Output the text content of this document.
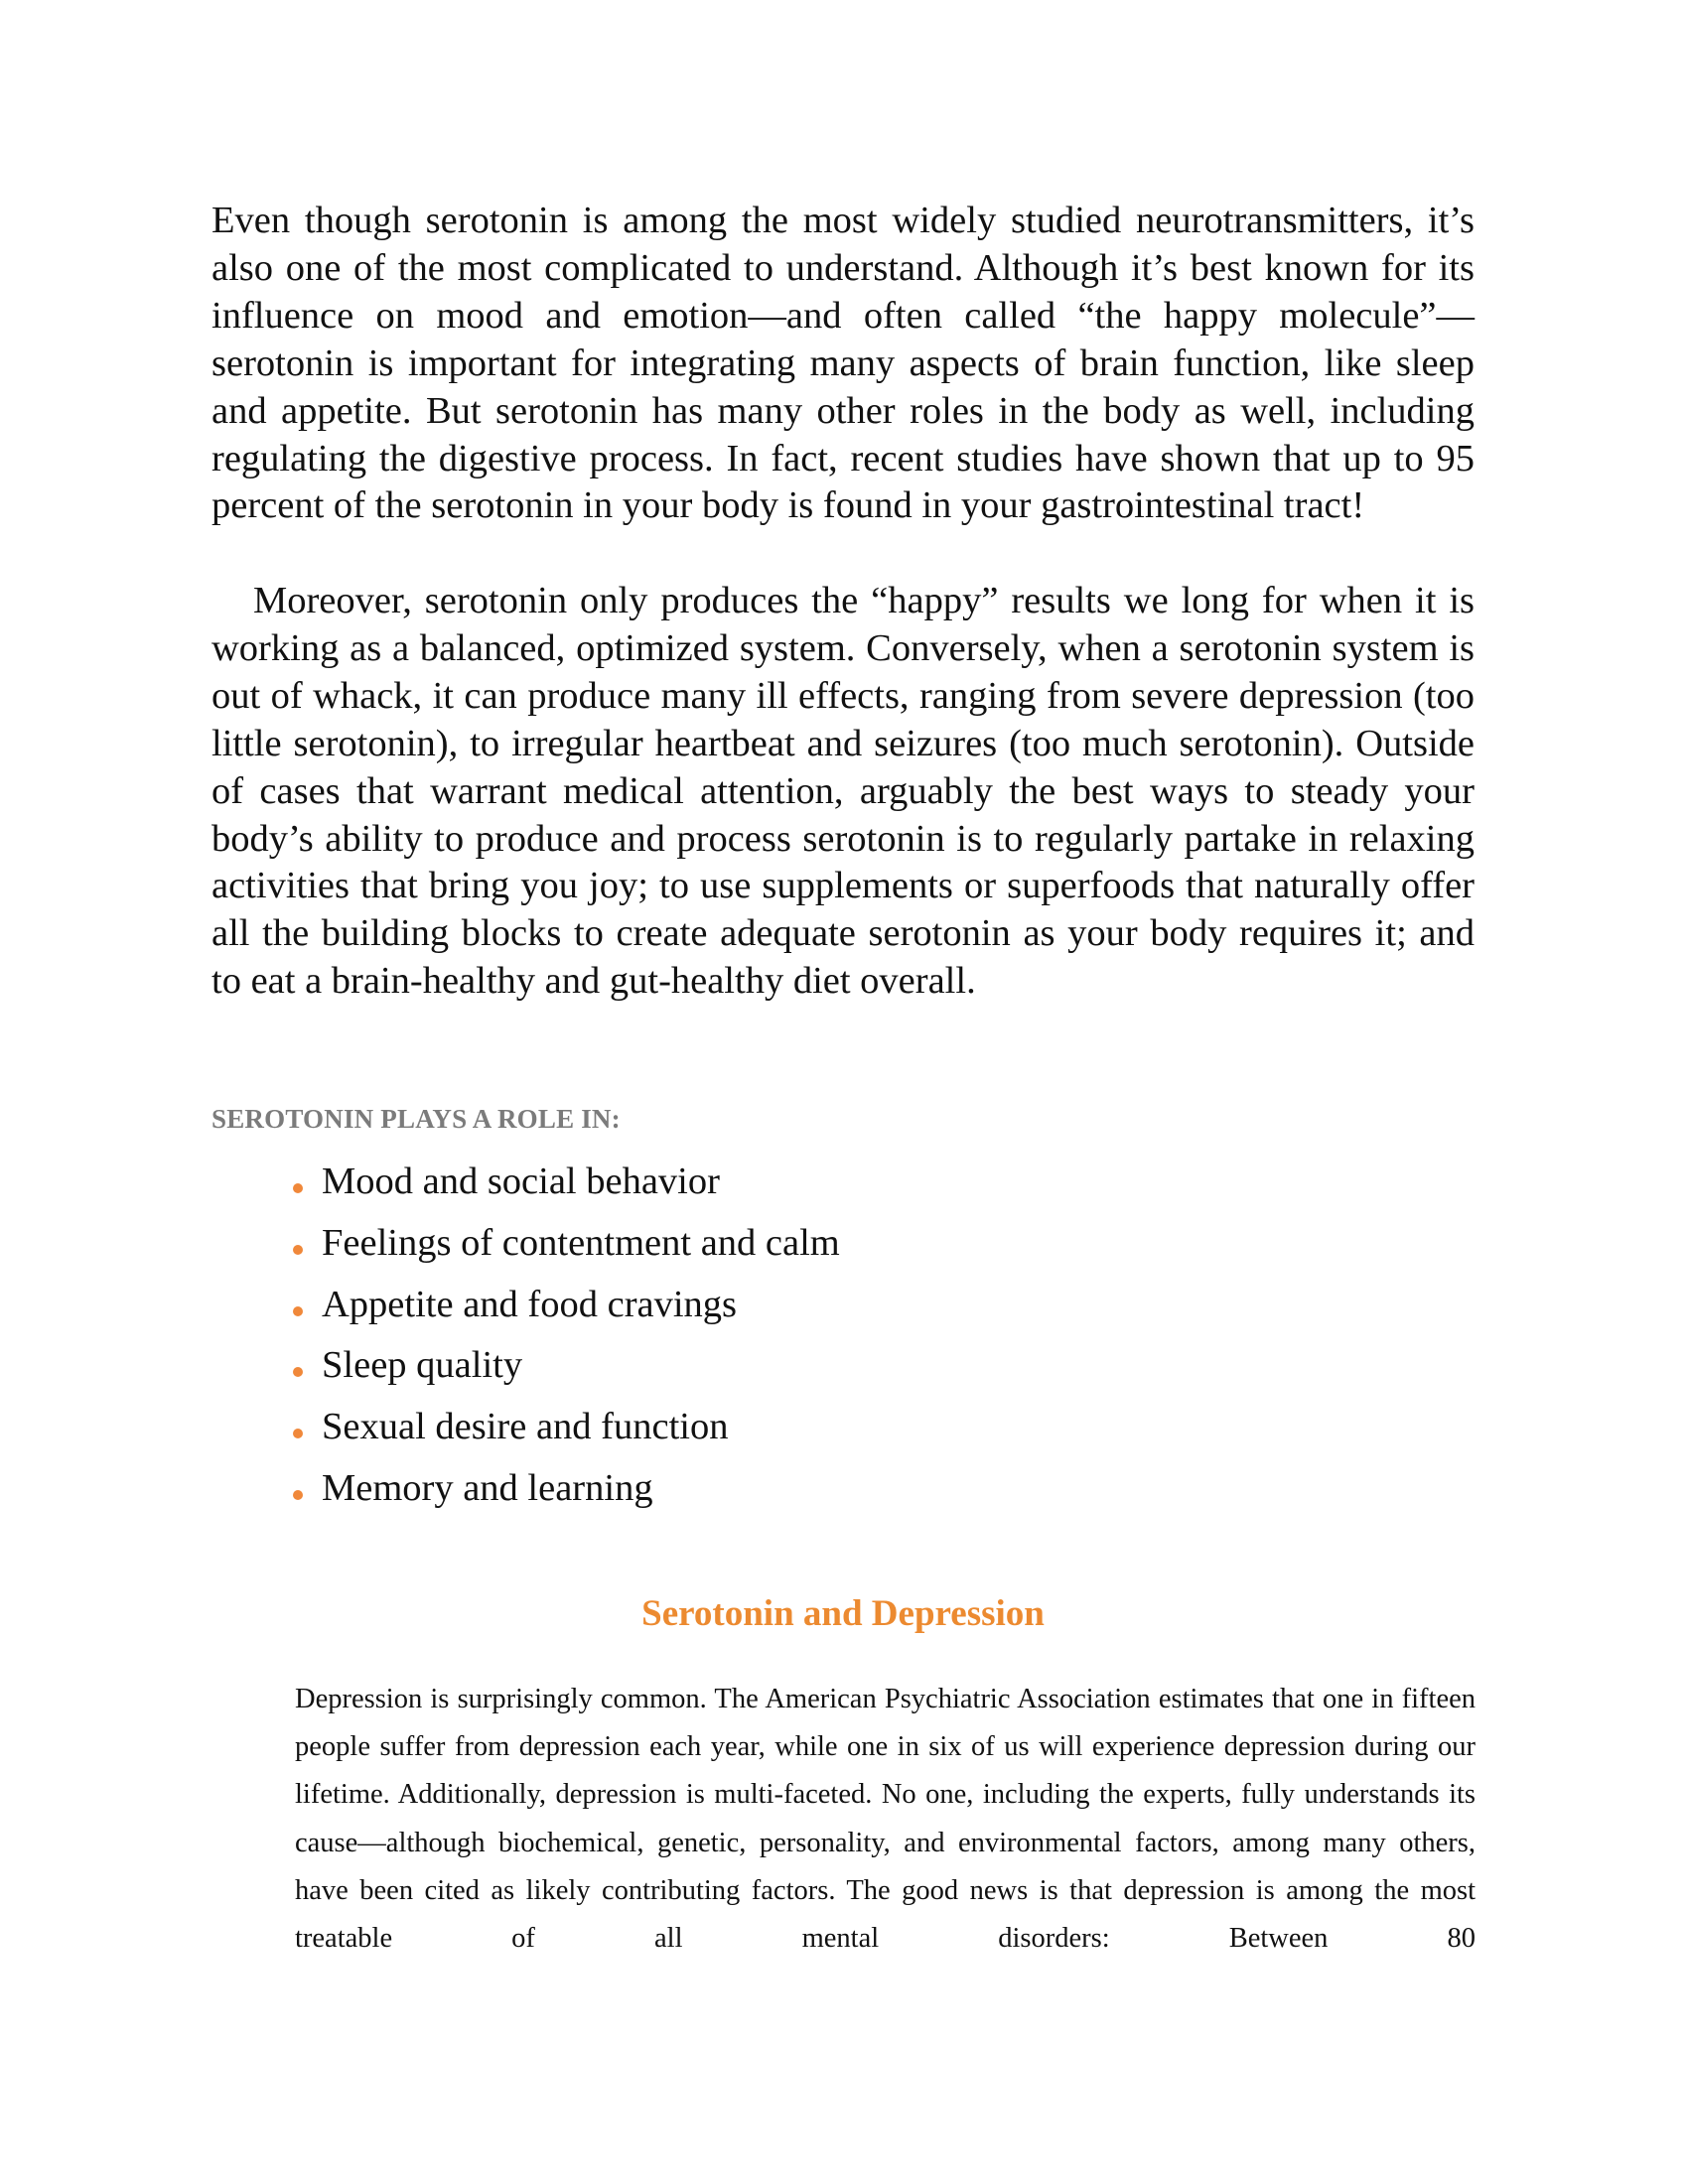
Even though serotonin is among the most widely studied neurotransmitters, it’s also one of the most complicated to understand. Although it’s best known for its influence on mood and emotion—and often called “the happy molecule”—serotonin is important for integrating many aspects of brain function, like sleep and appetite. But serotonin has many other roles in the body as well, including regulating the digestive process. In fact, recent studies have shown that up to 95 percent of the serotonin in your body is found in your gastrointestinal tract!

Moreover, serotonin only produces the “happy” results we long for when it is working as a balanced, optimized system. Conversely, when a serotonin system is out of whack, it can produce many ill effects, ranging from severe depression (too little serotonin), to irregular heartbeat and seizures (too much serotonin). Outside of cases that warrant medical attention, arguably the best ways to steady your body’s ability to produce and process serotonin is to regularly partake in relaxing activities that bring you joy; to use supplements or superfoods that naturally offer all the building blocks to create adequate serotonin as your body requires it; and to eat a brain-healthy and gut-healthy diet overall.

SEROTONIN PLAYS A ROLE IN:

Mood and social behavior
Feelings of contentment and calm
Appetite and food cravings
Sleep quality
Sexual desire and function
Memory and learning
Serotonin and Depression

Depression is surprisingly common. The American Psychiatric Association estimates that one in fifteen people suffer from depression each year, while one in six of us will experience depression during our lifetime. Additionally, depression is multi-faceted. No one, including the experts, fully understands its cause—although biochemical, genetic, personality, and environmental factors, among many others, have been cited as likely contributing factors. The good news is that depression is among the most treatable of all mental disorders: Between 80
